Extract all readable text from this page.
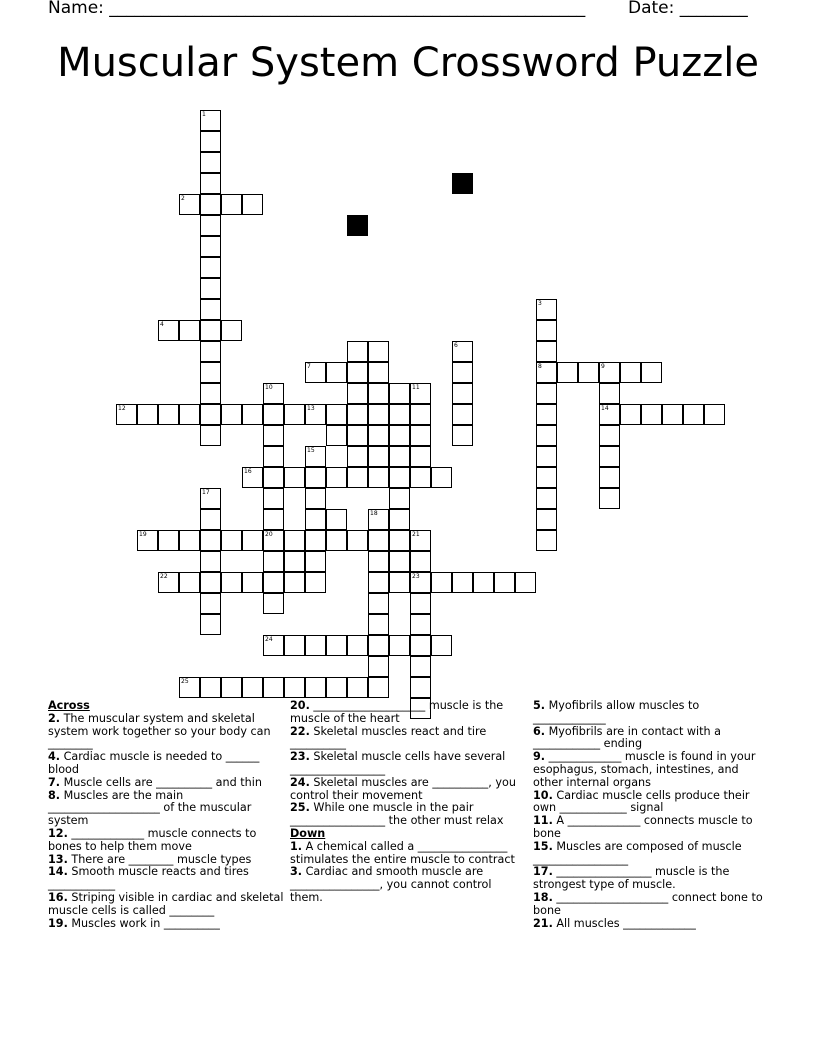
Name: ________________________________________________________	Date: ________
Muscular System Crossword Puzzle
1
2
4
12
10
20
7
13
11
6
3
8	9
14
16
17
19
15
18
21
23
22
24
25

Across

2. The muscular system and skeletal system work together so your body can ________

4. Cardiac muscle is needed to ______ blood

7. Muscle cells are __________ and thin

8. Muscles are the main ____________________ of the muscular system

12. _____________ muscle connects to bones to help them move

13. There are ________ muscle types

14. Smooth muscle reacts and tires ____________

16. Striping visible in cardiac and skeletal muscle cells is called ________

19. Muscles work in __________

20. ____________________ muscle is the muscle of the heart

22. Skeletal muscles react and tire __________

23. Skeletal muscle cells have several _________________

24. Skeletal muscles are __________, you control their movement

25. While one muscle in the pair _________________ the other must relax

Down

1. A chemical called a ________________ stimulates the entire muscle to contract

3. Cardiac and smooth muscle are ________________, you cannot control them.

5. Myofibrils allow muscles to _____________

6. Myofibrils are in contact with a ____________ ending

9. _____________ muscle is found in your esophagus, stomach, intestines, and other internal organs

10. Cardiac muscle cells produce their own ____________ signal

11. A _____________ connects muscle to bone

15. Muscles are composed of muscle _________________

17. _________________ muscle is the strongest type of muscle.

18. ____________________ connect bone to bone

21. All muscles _____________
